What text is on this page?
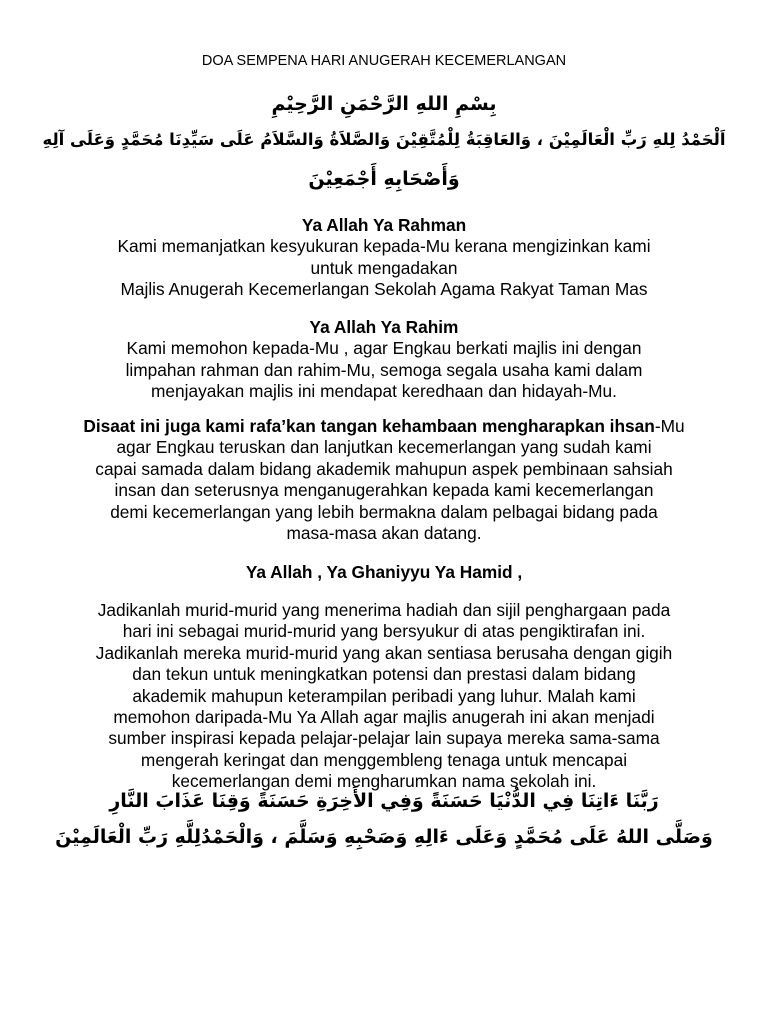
DOA SEMPENA HARI ANUGERAH KECEMERLANGAN
بِسْمِ اللهِ الرَّحْمَنِ الرَّحِيْمِ
اَلْحَمْدُ لِلهِ رَبِّ الْعَالَمِيْنَ ، وَالعَاقِبَةُ لِلْمُتَّقِيْنَ وَالصَّلاَةُ وَالسَّلاَمُ عَلَى سَيِّدِنَا مُحَمَّدٍ وَعَلَى آلِهِ
وَأَصْحَابِهِ أَجْمَعِيْنَ

Ya Allah Ya Rahman

Kami memanjatkan kesyukuran kepada-Mu kerana mengizinkan kami

untuk mengadakan

Majlis Anugerah Kecemerlangan Sekolah Agama Rakyat Taman Mas

Ya Allah Ya Rahim

Kami memohon kepada-Mu , agar Engkau berkati majlis ini dengan

limpahan rahman dan rahim-Mu, semoga segala usaha kami dalam

menjayakan majlis ini mendapat keredhaan dan hidayah-Mu.

Disaat ini juga kami rafa’kan tangan kehambaan mengharapkan ihsan-Mu

agar Engkau teruskan dan lanjutkan kecemerlangan yang sudah kami

capai samada dalam bidang akademik mahupun aspek pembinaan sahsiah

insan dan seterusnya menganugerahkan kepada kami kecemerlangan

demi kecemerlangan yang lebih bermakna dalam pelbagai bidang pada

masa-masa akan datang.

Ya Allah , Ya Ghaniyyu Ya Hamid ,

Jadikanlah murid-murid yang menerima hadiah dan sijil penghargaan pada

hari ini sebagai murid-murid yang bersyukur di atas pengiktirafan ini.

Jadikanlah mereka murid-murid yang akan sentiasa berusaha dengan gigih

dan tekun untuk meningkatkan potensi dan prestasi dalam bidang

akademik mahupun keterampilan peribadi yang luhur. Malah kami

memohon daripada-Mu Ya Allah agar majlis anugerah ini akan menjadi

sumber inspirasi kepada pelajar-pelajar lain supaya mereka sama-sama

mengerah keringat dan menggembleng tenaga untuk mencapai

kecemerlangan demi mengharumkan nama sekolah ini.

رَبَّنَا ءَاتِنَا فِي الدُّنْيَا حَسَنَةً وَفِي الأَخِرَةِ حَسَنَةً وَقِنَا عَذَابَ النَّارِ
وَصَلَّى اللهُ عَلَى مُحَمَّدٍ وَعَلَى ءَالِهِ وَصَحْبِهِ وَسَلَّمَ ، وَالْحَمْدُلِلَّهِ رَبِّ الْعَالَمِيْنَ
